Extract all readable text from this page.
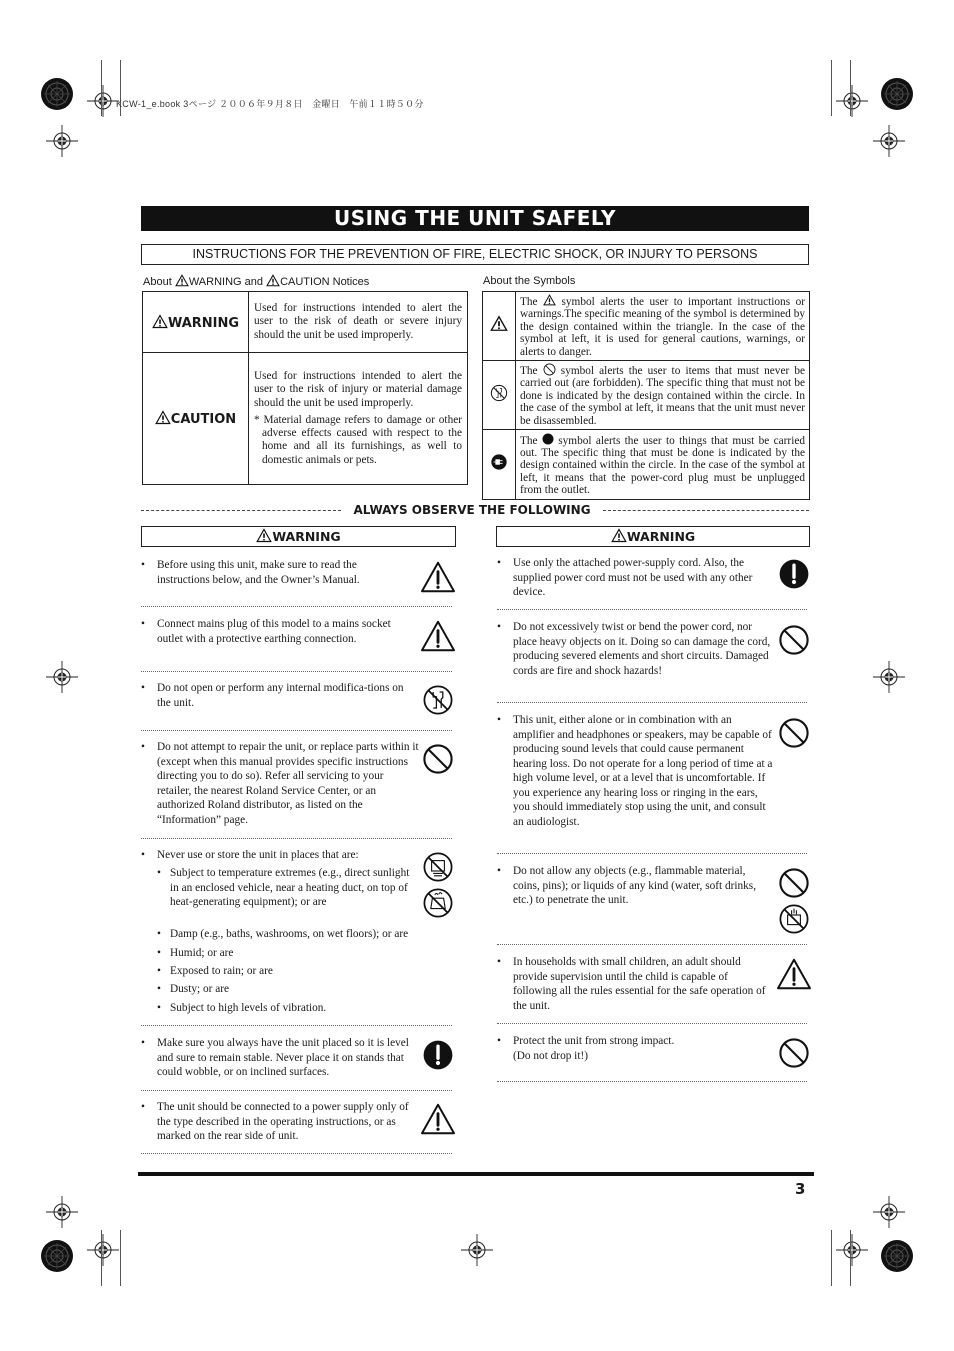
KCW-1_e.book 3ページ ２００６年９月８日　金曜日　午前１１時５０分
USING THE UNIT SAFELY
INSTRUCTIONS FOR THE PREVENTION OF FIRE, ELECTRIC SHOCK, OR INJURY TO PERSONS
About WARNING and CAUTION Notices
WARNING	Used for instructions intended to alert the user to the risk of death or severe injury should the unit be used improperly.
CAUTION	Used for instructions intended to alert the user to the risk of injury or material damage should the unit be used improperly.
* Material damage refers to damage or other adverse effects caused with respect to the home and all its furnishings, as well to domestic animals or pets.
About the Symbols
	The symbol alerts the user to important instructions or warnings.The specific meaning of the symbol is determined by the design contained within the triangle. In the case of the symbol at left, it is used for general cautions, warnings, or alerts to danger.
	The symbol alerts the user to items that must never be carried out (are forbidden). The specific thing that must not be done is indicated by the design contained within the circle. In the case of the symbol at left, it means that the unit must never be disassembled.
	The symbol alerts the user to things that must be carried out. The specific thing that must be done is indicated by the design contained within the circle. In the case of the symbol at left, it means that the power-cord plug must be unplugged from the outlet.
ALWAYS OBSERVE THE FOLLOWING
WARNING
• Before using this unit, make sure to read the instructions below, and the Owner’s Manual.
• Connect mains plug of this model to a mains socket outlet with a protective earthing connection.
• Do not open or perform any internal modifica-tions on the unit.
• Do not attempt to repair the unit, or replace parts within it (except when this manual provides specific instructions directing you to do so). Refer all servicing to your retailer, the nearest Roland Service Center, or an authorized Roland distributor, as listed on the “Information” page.
• Never use or store the unit in places that are:
• Subject to temperature extremes (e.g., direct sunlight in an enclosed vehicle, near a heating duct, on top of heat-generating equipment); or are
• Damp (e.g., baths, washrooms, on wet floors); or are
• Humid; or are
• Exposed to rain; or are
• Dusty; or are
• Subject to high levels of vibration.
• Make sure you always have the unit placed so it is level and sure to remain stable. Never place it on stands that could wobble, or on inclined surfaces.
• The unit should be connected to a power supply only of the type described in the operating instructions, or as marked on the rear side of unit.
WARNING
• Use only the attached power-supply cord. Also, the supplied power cord must not be used with any other device.
• Do not excessively twist or bend the power cord, nor place heavy objects on it. Doing so can damage the cord, producing severed elements and short circuits. Damaged cords are fire and shock hazards!
• This unit, either alone or in combination with an amplifier and headphones or speakers, may be capable of producing sound levels that could cause permanent hearing loss. Do not operate for a long period of time at a high volume level, or at a level that is uncomfortable. If you experience any hearing loss or ringing in the ears, you should immediately stop using the unit, and consult an audiologist.
• Do not allow any objects (e.g., flammable material, coins, pins); or liquids of any kind (water, soft drinks, etc.) to penetrate the unit.
• In households with small children, an adult should provide supervision until the child is capable of following all the rules essential for the safe operation of the unit.
• Protect the unit from strong impact.
(Do not drop it!)
3
